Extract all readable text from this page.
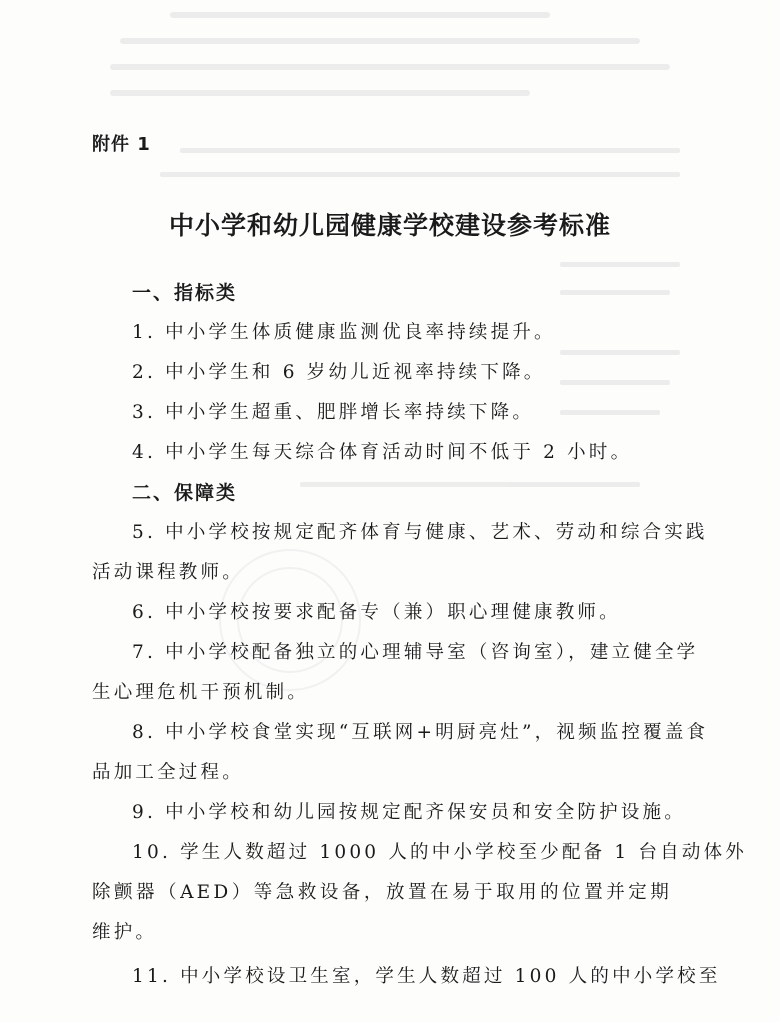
附件 1
中小学和幼儿园健康学校建设参考标准
一、指标类
1. 中小学生体质健康监测优良率持续提升。
2. 中小学生和 6 岁幼儿近视率持续下降。
3. 中小学生超重、肥胖增长率持续下降。
4. 中小学生每天综合体育活动时间不低于 2 小时。
二、保障类
5. 中小学校按规定配齐体育与健康、艺术、劳动和综合实践
活动课程教师。
6. 中小学校按要求配备专（兼）职心理健康教师。
7. 中小学校配备独立的心理辅导室（咨询室），建立健全学
生心理危机干预机制。
8. 中小学校食堂实现“互联网+明厨亮灶”，视频监控覆盖食
品加工全过程。
9. 中小学校和幼儿园按规定配齐保安员和安全防护设施。
10. 学生人数超过 1000 人的中小学校至少配备 1 台自动体外
除颤器（AED）等急救设备，放置在易于取用的位置并定期
维护。
11. 中小学校设卫生室，学生人数超过 100 人的中小学校至
